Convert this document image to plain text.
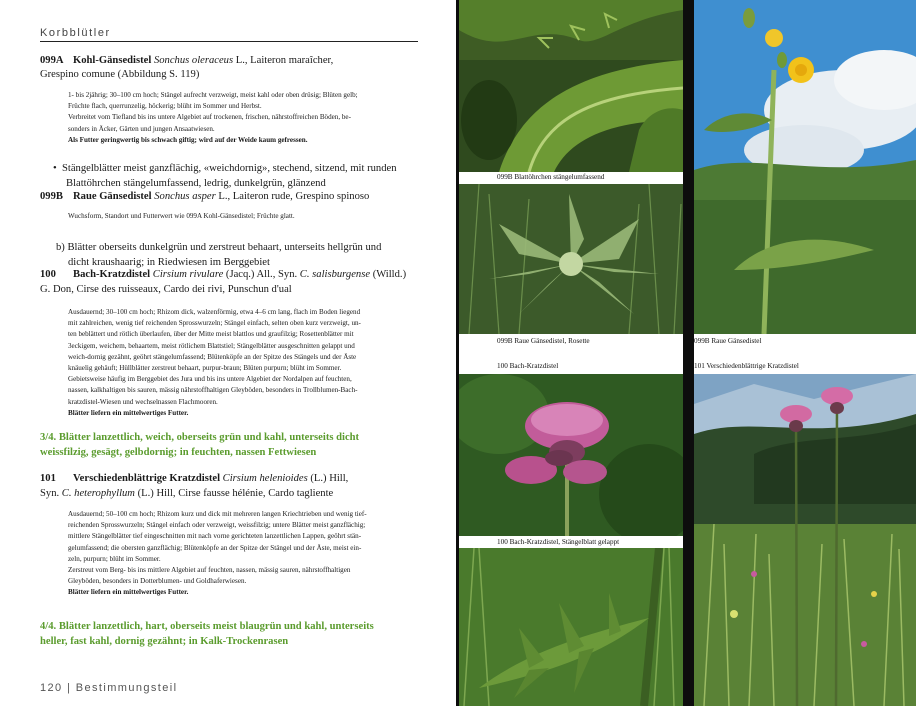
Korbblütler
099A Kohl-Gänsedistel Sonchus oleraceus L., Laiteron maraîcher,
Grespino comune (Abbildung S. 119)
1- bis 2jährig; 30–100 cm hoch; Stängel aufrecht verzweigt, meist kahl oder oben drüsig; Blüten gelb;
Früchte flach, querrunzelig, höckerig; blüht im Sommer und Herbst.
Verbreitet vom Tiefland bis ins untere Algebiet auf trockenen, frischen, nährstoffreichen Böden, be-
sonders in Äcker, Gärten und jungen Ansaatwiesen.
Als Futter geringwertig bis schwach giftig; wird auf der Weide kaum gefressen.
•  Stängelblätter meist ganzflächig, «weichdornig», stechend, sitzend, mit runden
Blattöhrchen stängelumfassend, ledrig, dunkelgrün, glänzend
099B Raue Gänsedistel Sonchus asper L., Laiteron rude, Grespino spinoso
Wuchsform, Standort und Futterwert wie 099A Kohl-Gänsedistel; Früchte glatt.
b) Blätter oberseits dunkelgrün und zerstreut behaart, unterseits hellgrün und
dicht kraushaarig; in Riedwiesen im Berggebiet
100 Bach-Kratzdistel Cirsium rivulare (Jacq.) All., Syn. C. salisburgense (Willd.)
G. Don, Cirse des ruisseaux, Cardo dei rivi, Punschun d'ual
Ausdauernd; 30–100 cm hoch; Rhizom dick, walzenförmig, etwa 4–6 cm lang, flach im Boden liegend
mit zahlreichen, wenig tief reichenden Sprosswurzeln; Stängel einfach, selten oben kurz verzweigt, un-
ten beblättert und rötlich überlaufen, über der Mitte meist blattlos und graufilzig; Rosettenblätter mit
3eckigem, weichem, behaartem, meist rötlichem Blattstiel; Stängelblätter ausgeschnitten gelappt und
weich-dornig gezähnt, geöhrt stängelumfassend; Blütenköpfe an der Spitze des Stängels und der Äste
knäuelig gehäuft; Hüllblätter zerstreut behaart, purpur-braun; Blüten purpurn; blüht im Sommer.
Gebietsweise häufig im Berggebiet des Jura und bis ins untere Algebiet der Nordalpen auf feuchten,
nassen, kalkhaltigen bis sauren, mässig nährstoffhaltigen Gleyböden, besonders in Trollblumen-Bach-
kratzdistel-Wiesen und wechselnassen Flachmooren.
Blätter liefern ein mittelwertiges Futter.
3/4. Blätter lanzettlich, weich, oberseits grün und kahl, unterseits dicht
weissfilzig, gesägt, gelbdornig; in feuchten, nassen Fettwiesen
101 Verschiedenblättrige Kratzdistel Cirsium helenioides (L.) Hill,
Syn. C. heterophyllum (L.) Hill, Cirse fausse hélénie, Cardo tagliente
Ausdauernd; 50–100 cm hoch; Rhizom kurz und dick mit mehreren langen Kriechtrieben und wenig tief-
reichenden Sprosswurzeln; Stängel einfach oder verzweigt, weissfilzig; untere Blätter meist ganzflächig;
mittlere Stängelblätter tief eingeschnitten mit nach vorne gerichteten lanzettlichen Lappen, geöhrt stän-
gelumfassend; die obersten ganzflächig; Blütenköpfe an der Spitze der Stängel und der Äste, meist ein-
zeln, purpurn; blüht im Sommer.
Zerstreut vom Berg- bis ins mittlere Algebiet auf feuchten, nassen, mässig sauren, nährstoffhaltigen
Gleyböden, besonders in Dotterblumen- und Goldhaferwiesen.
Blätter liefern ein mittelwertiges Futter.
4/4. Blätter lanzettlich, hart, oberseits meist blaugrün und kahl, unterseits
heller, fast kahl, dornig gezähnt; in Kalk-Trockenrasen
120 | Bestimmungsteil
099B Blattöhrchen stängelumfassend
099B Raue Gänsedistel, Rosette
100 Bach-Kratzdistel
099B Raue Gänsedistel
101 Verschiedenblättrige Kratzdistel
100 Bach-Kratzdistel, Stängelblatt gelappt
